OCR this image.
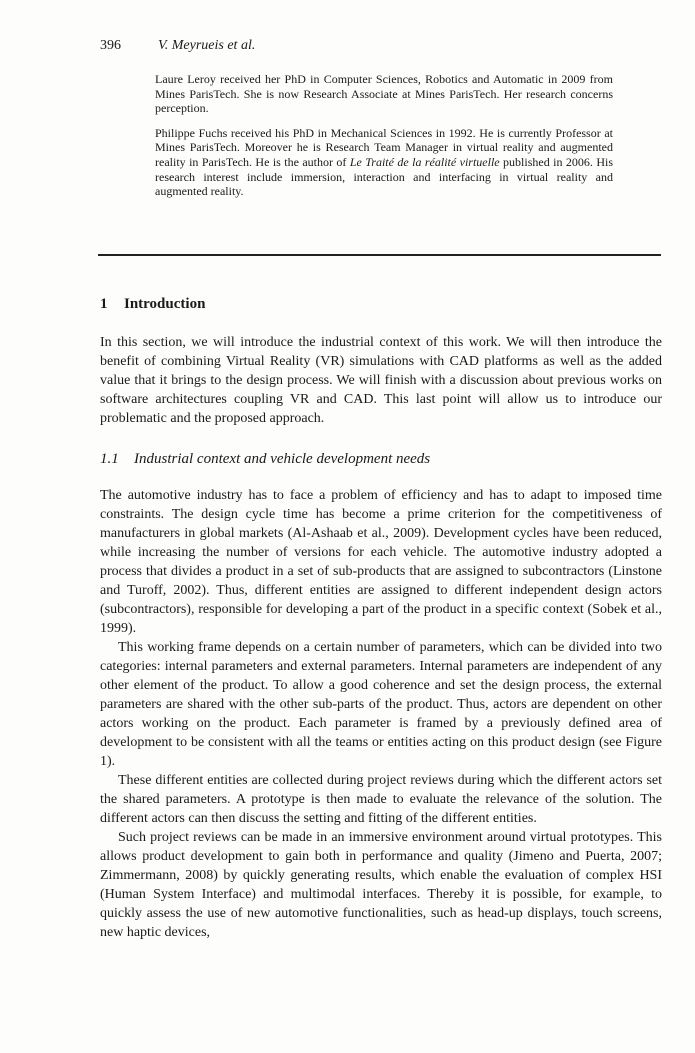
396	V. Meyrueis et al.

Laure Leroy received her PhD in Computer Sciences, Robotics and Automatic in 2009 from Mines ParisTech. She is now Research Associate at Mines ParisTech. Her research concerns perception.

Philippe Fuchs received his PhD in Mechanical Sciences in 1992. He is currently Professor at Mines ParisTech. Moreover he is Research Team Manager in virtual reality and augmented reality in ParisTech. He is the author of Le Traité de la réalité virtuelle published in 2006. His research interest include immersion, interaction and interfacing in virtual reality and augmented reality.

1 Introduction

In this section, we will introduce the industrial context of this work. We will then introduce the benefit of combining Virtual Reality (VR) simulations with CAD platforms as well as the added value that it brings to the design process. We will finish with a discussion about previous works on software architectures coupling VR and CAD. This last point will allow us to introduce our problematic and the proposed approach.

1.1 Industrial context and vehicle development needs

The automotive industry has to face a problem of efficiency and has to adapt to imposed time constraints. The design cycle time has become a prime criterion for the competitiveness of manufacturers in global markets (Al-Ashaab et al., 2009). Development cycles have been reduced, while increasing the number of versions for each vehicle. The automotive industry adopted a process that divides a product in a set of sub-products that are assigned to subcontractors (Linstone and Turoff, 2002). Thus, different entities are assigned to different independent design actors (subcontractors), responsible for developing a part of the product in a specific context (Sobek et al., 1999).

This working frame depends on a certain number of parameters, which can be divided into two categories: internal parameters and external parameters. Internal parameters are independent of any other element of the product. To allow a good coherence and set the design process, the external parameters are shared with the other sub-parts of the product. Thus, actors are dependent on other actors working on the product. Each parameter is framed by a previously defined area of development to be consistent with all the teams or entities acting on this product design (see Figure 1).

These different entities are collected during project reviews during which the different actors set the shared parameters. A prototype is then made to evaluate the relevance of the solution. The different actors can then discuss the setting and fitting of the different entities.

Such project reviews can be made in an immersive environment around virtual prototypes. This allows product development to gain both in performance and quality (Jimeno and Puerta, 2007; Zimmermann, 2008) by quickly generating results, which enable the evaluation of complex HSI (Human System Interface) and multimodal interfaces. Thereby it is possible, for example, to quickly assess the use of new automotive functionalities, such as head-up displays, touch screens, new haptic devices,
